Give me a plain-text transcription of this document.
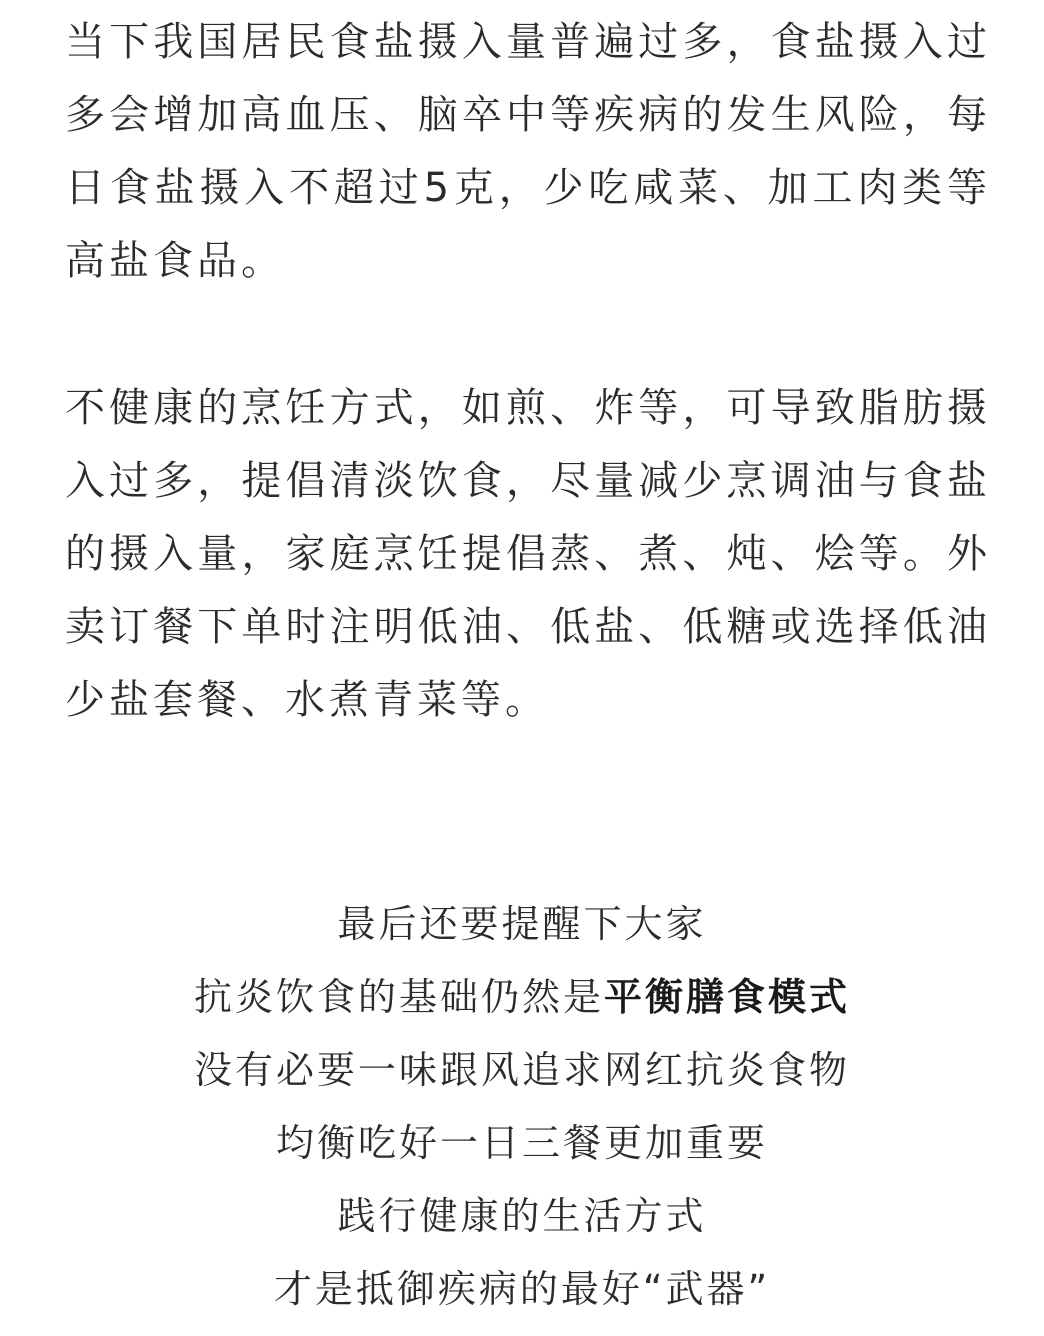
当下我国居民食盐摄入量普遍过多，食盐摄入过多会增加高血压、脑卒中等疾病的发生风险，每日食盐摄入不超过5克，少吃咸菜、加工肉类等高盐食品。

不健康的烹饪方式，如煎、炸等，可导致脂肪摄入过多，提倡清淡饮食，尽量减少烹调油与食盐的摄入量，家庭烹饪提倡蒸、煮、炖、烩等。外卖订餐下单时注明低油、低盐、低糖或选择低油少盐套餐、水煮青菜等。

最后还要提醒下大家
抗炎饮食的基础仍然是平衡膳食模式
没有必要一味跟风追求网红抗炎食物
均衡吃好一日三餐更加重要
践行健康的生活方式
才是抵御疾病的最好“武器”
